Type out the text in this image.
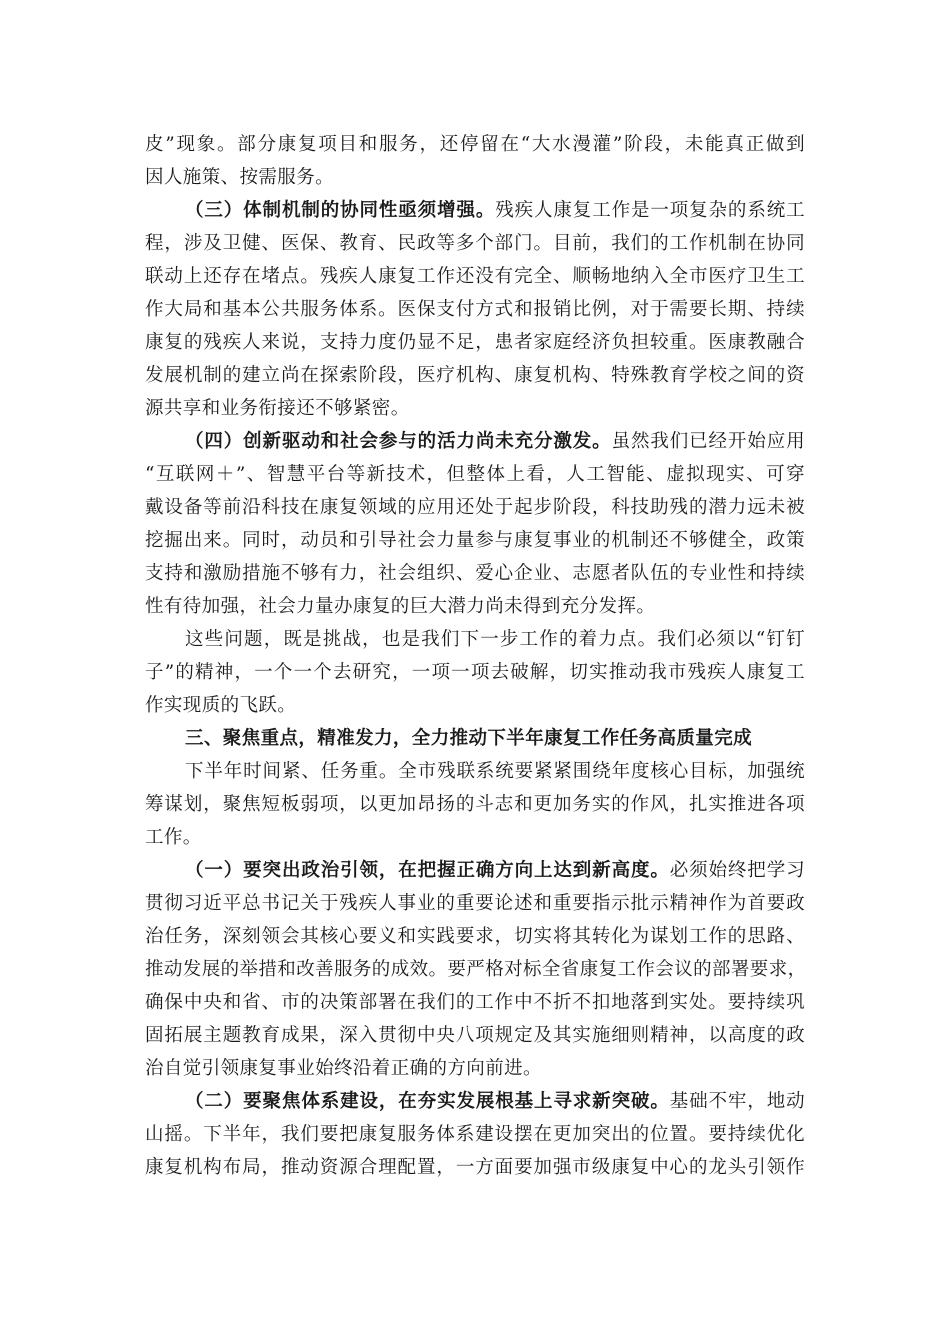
皮”现象。部分康复项目和服务，还停留在“大水漫灌”阶段，未能真正做到
因人施策、按需服务。
（三）体制机制的协同性亟须增强。残疾人康复工作是一项复杂的系统工
程，涉及卫健、医保、教育、民政等多个部门。目前，我们的工作机制在协同
联动上还存在堵点。残疾人康复工作还没有完全、顺畅地纳入全市医疗卫生工
作大局和基本公共服务体系。医保支付方式和报销比例，对于需要长期、持续
康复的残疾人来说，支持力度仍显不足，患者家庭经济负担较重。医康教融合
发展机制的建立尚在探索阶段，医疗机构、康复机构、特殊教育学校之间的资
源共享和业务衔接还不够紧密。
（四）创新驱动和社会参与的活力尚未充分激发。虽然我们已经开始应用
“互联网＋”、智慧平台等新技术，但整体上看，人工智能、虚拟现实、可穿
戴设备等前沿科技在康复领域的应用还处于起步阶段，科技助残的潜力远未被
挖掘出来。同时，动员和引导社会力量参与康复事业的机制还不够健全，政策
支持和激励措施不够有力，社会组织、爱心企业、志愿者队伍的专业性和持续
性有待加强，社会力量办康复的巨大潜力尚未得到充分发挥。
这些问题，既是挑战，也是我们下一步工作的着力点。我们必须以“钉钉
子”的精神，一个一个去研究，一项一项去破解，切实推动我市残疾人康复工
作实现质的飞跃。
三、聚焦重点，精准发力，全力推动下半年康复工作任务高质量完成
下半年时间紧、任务重。全市残联系统要紧紧围绕年度核心目标，加强统
筹谋划，聚焦短板弱项，以更加昂扬的斗志和更加务实的作风，扎实推进各项
工作。
（一）要突出政治引领，在把握正确方向上达到新高度。必须始终把学习
贯彻习近平总书记关于残疾人事业的重要论述和重要指示批示精神作为首要政
治任务，深刻领会其核心要义和实践要求，切实将其转化为谋划工作的思路、
推动发展的举措和改善服务的成效。要严格对标全省康复工作会议的部署要求，
确保中央和省、市的决策部署在我们的工作中不折不扣地落到实处。要持续巩
固拓展主题教育成果，深入贯彻中央八项规定及其实施细则精神，以高度的政
治自觉引领康复事业始终沿着正确的方向前进。
（二）要聚焦体系建设，在夯实发展根基上寻求新突破。基础不牢，地动
山摇。下半年，我们要把康复服务体系建设摆在更加突出的位置。要持续优化
康复机构布局，推动资源合理配置，一方面要加强市级康复中心的龙头引领作
